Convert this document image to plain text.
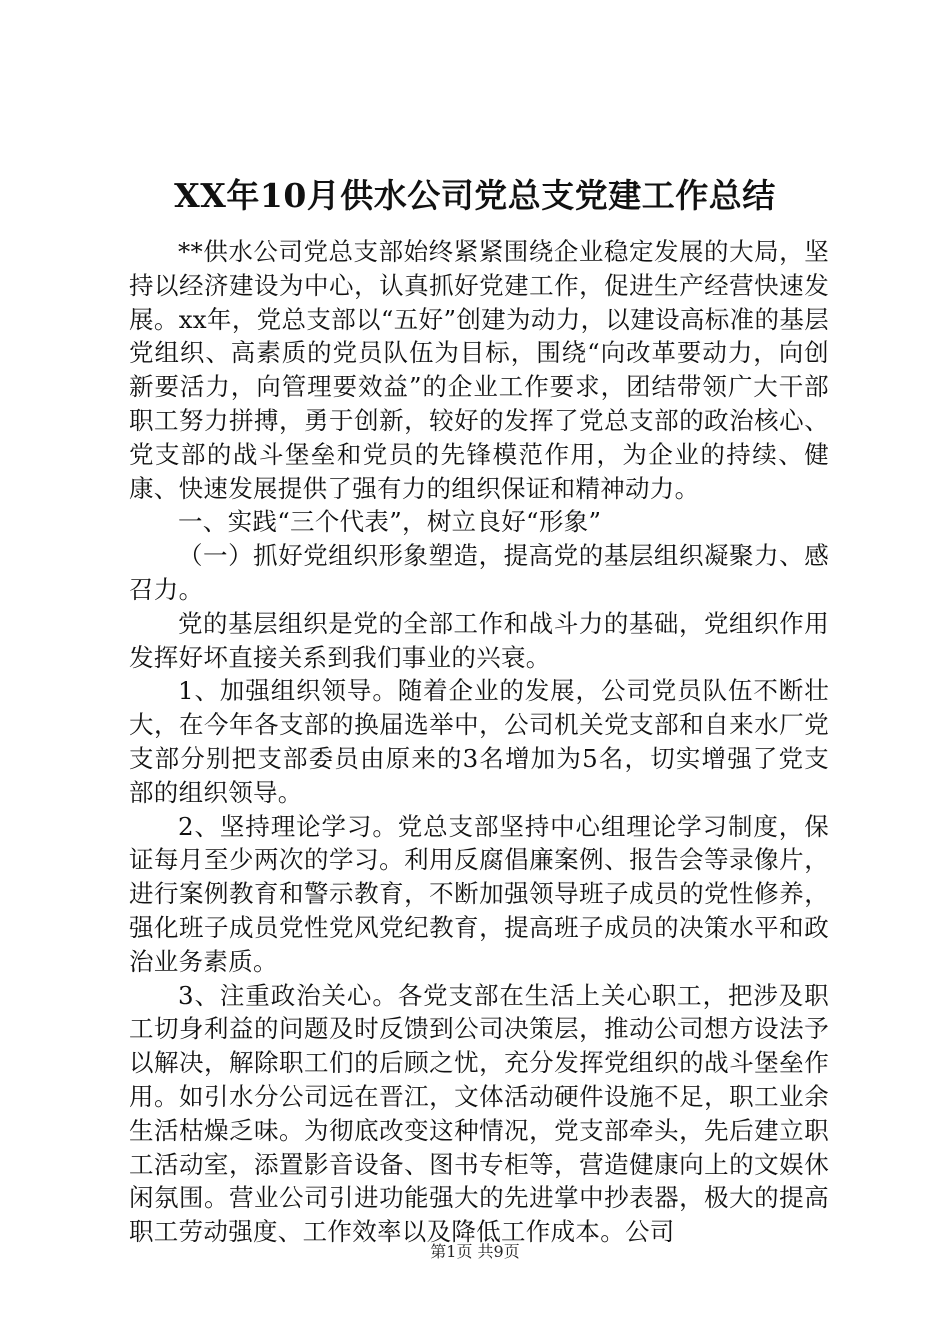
XX年10月供水公司党总支党建工作总结

**供水公司党总支部始终紧紧围绕企业稳定发展的大局，坚持以经济建设为中心，认真抓好党建工作，促进生产经营快速发展。xx年，党总支部以“五好”创建为动力，以建设高标准的基层党组织、高素质的党员队伍为目标，围绕“向改革要动力，向创新要活力，向管理要效益”的企业工作要求，团结带领广大干部职工努力拼搏，勇于创新，较好的发挥了党总支部的政治核心、党支部的战斗堡垒和党员的先锋模范作用，为企业的持续、健康、快速发展提供了强有力的组织保证和精神动力。

一、实践“三个代表”，树立良好“形象”

（一）抓好党组织形象塑造，提高党的基层组织凝聚力、感召力。

党的基层组织是党的全部工作和战斗力的基础，党组织作用发挥好坏直接关系到我们事业的兴衰。

1、加强组织领导。随着企业的发展，公司党员队伍不断壮大，在今年各支部的换届选举中，公司机关党支部和自来水厂党支部分别把支部委员由原来的3名增加为5名，切实增强了党支部的组织领导。

2、坚持理论学习。党总支部坚持中心组理论学习制度，保证每月至少两次的学习。利用反腐倡廉案例、报告会等录像片，进行案例教育和警示教育，不断加强领导班子成员的党性修养，强化班子成员党性党风党纪教育，提高班子成员的决策水平和政治业务素质。

3、注重政治关心。各党支部在生活上关心职工，把涉及职工切身利益的问题及时反馈到公司决策层，推动公司想方设法予以解决，解除职工们的后顾之忧，充分发挥党组织的战斗堡垒作用。如引水分公司远在晋江，文体活动硬件设施不足，职工业余生活枯燥乏味。为彻底改变这种情况，党支部牵头，先后建立职工活动室，添置影音设备、图书专柜等，营造健康向上的文娱休闲氛围。营业公司引进功能强大的先进掌中抄表器，极大的提高职工劳动强度、工作效率以及降低工作成本。公司

第1页 共9页
